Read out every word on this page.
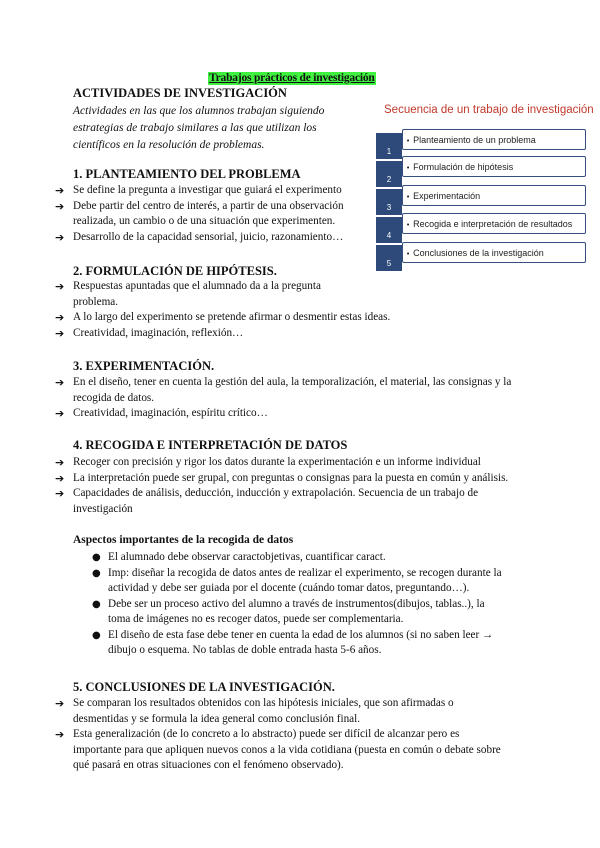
Trabajos prácticos de investigación
ACTIVIDADES DE INVESTIGACIÓN
Actividades en las que los alumnos trabajan siguiendo estrategias de trabajo similares a las que utilizan los científicos en la resolución de problemas.
Secuencia de un trabajo de investigación
1
• Planteamiento de un problema
2
• Formulación de hipótesis
3
• Experimentación
4
• Recogida e interpretación de resultados
5
• Conclusiones de la investigación
1. PLANTEAMIENTO DEL PROBLEMA
➔ Se define la pregunta a investigar que guiará el experimento
➔ Debe partir del centro de interés, a partir de una observación realizada, un cambio o de una situación que experimenten.
➔ Desarrollo de la capacidad sensorial, juicio, razonamiento…
2. FORMULACIÓN DE HIPÓTESIS.
➔ Respuestas apuntadas que el alumnado da a la pregunta problema.
➔ A lo largo del experimento se pretende afirmar o desmentir estas ideas.
➔ Creatividad, imaginación, reflexión…
3. EXPERIMENTACIÓN.
➔ En el diseño, tener en cuenta la gestión del aula, la temporalización, el material, las consignas y la recogida de datos.
➔ Creatividad, imaginación, espíritu crítico…
4. RECOGIDA E INTERPRETACIÓN DE DATOS
➔ Recoger con precisión y rigor los datos durante la experimentación e un informe individual
➔ La interpretación puede ser grupal, con preguntas o consignas para la puesta en común y análisis.
➔ Capacidades de análisis, deducción, inducción y extrapolación. Secuencia de un trabajo de investigación
Aspectos importantes de la recogida de datos
● El alumnado debe observar caractobjetivas, cuantificar caract.
● Imp: diseñar la recogida de datos antes de realizar el experimento, se recogen durante la actividad y debe ser guiada por el docente (cuándo tomar datos, preguntando…).
● Debe ser un proceso activo del alumno a través de instrumentos(dibujos, tablas..), la toma de imágenes no es recoger datos, puede ser complementaria.
● El diseño de esta fase debe tener en cuenta la edad de los alumnos (si no saben leer → dibujo o esquema. No tablas de doble entrada hasta 5-6 años.
5. CONCLUSIONES DE LA INVESTIGACIÓN.
➔ Se comparan los resultados obtenidos con las hipótesis iniciales, que son afirmadas o desmentidas y se formula la idea general como conclusión final.
➔ Esta generalización (de lo concreto a lo abstracto) puede ser difícil de alcanzar pero es importante para que apliquen nuevos conos a la vida cotidiana (puesta en común o debate sobre qué pasará en otras situaciones con el fenómeno observado).
